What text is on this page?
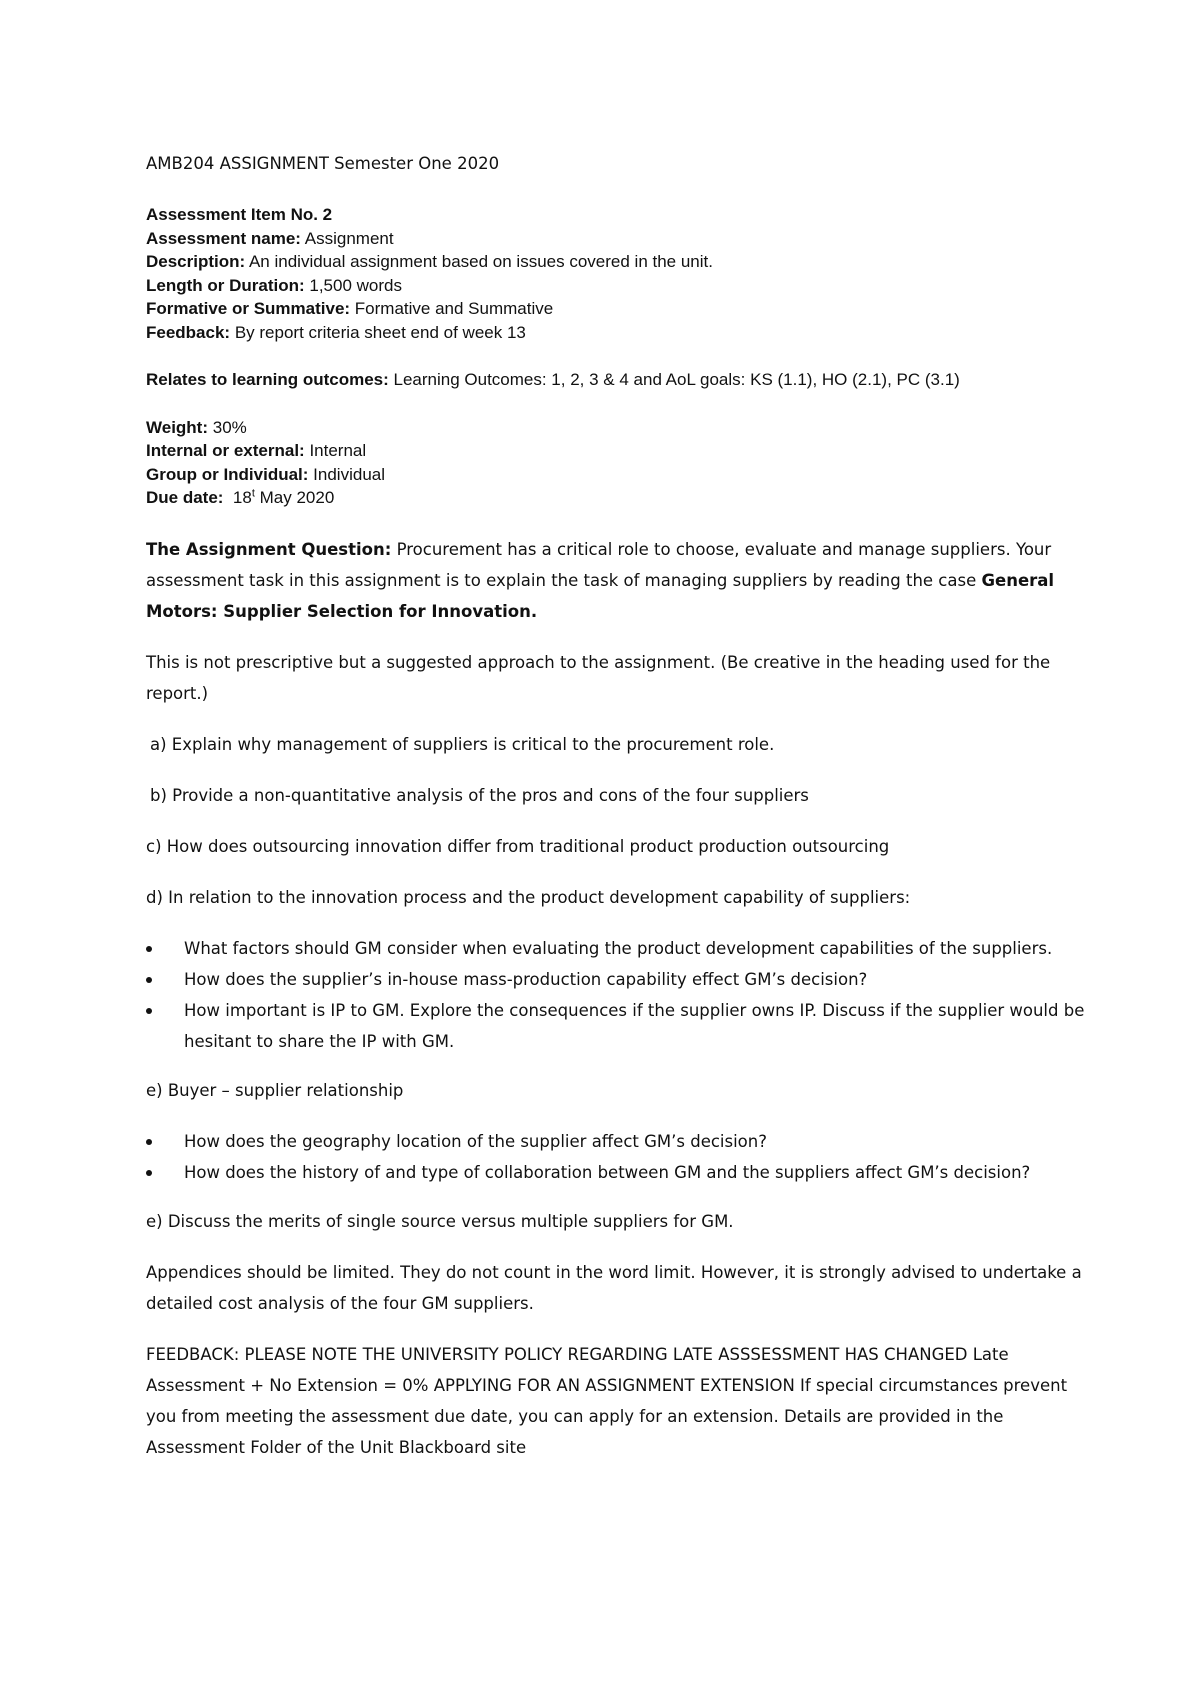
AMB204 ASSIGNMENT Semester One 2020
Assessment Item No. 2
Assessment name: Assignment
Description: An individual assignment based on issues covered in the unit.
Length or Duration: 1,500 words
Formative or Summative: Formative and Summative
Feedback: By report criteria sheet end of week 13
Relates to learning outcomes: Learning Outcomes: 1, 2, 3 & 4 and AoL goals: KS (1.1), HO (2.1), PC (3.1)
Weight: 30%
Internal or external: Internal
Group or Individual: Individual
Due date:  18$^t$ May 2020

The Assignment Question: Procurement has a critical role to choose, evaluate and manage suppliers. Your assessment task in this assignment is to explain the task of managing suppliers by reading the case General Motors: Supplier Selection for Innovation.

This is not prescriptive but a suggested approach to the assignment. (Be creative in the heading used for the report.)

a) Explain why management of suppliers is critical to the procurement role.

b) Provide a non-quantitative analysis of the pros and cons of the four suppliers

c) How does outsourcing innovation differ from traditional product production outsourcing

d) In relation to the innovation process and the product development capability of suppliers:

What factors should GM consider when evaluating the product development capabilities of the suppliers.
How does the supplier’s in-house mass-production capability effect GM’s decision?
How important is IP to GM. Explore the consequences if the supplier owns IP. Discuss if the supplier would be hesitant to share the IP with GM.

e) Buyer – supplier relationship

How does the geography location of the supplier affect GM’s decision?
How does the history of and type of collaboration between GM and the suppliers affect GM’s decision?

e) Discuss the merits of single source versus multiple suppliers for GM.

Appendices should be limited. They do not count in the word limit. However, it is strongly advised to undertake a detailed cost analysis of the four GM suppliers.

FEEDBACK: PLEASE NOTE THE UNIVERSITY POLICY REGARDING LATE ASSSESSMENT HAS CHANGED Late Assessment + No Extension = 0% APPLYING FOR AN ASSIGNMENT EXTENSION If special circumstances prevent you from meeting the assessment due date, you can apply for an extension. Details are provided in the Assessment Folder of the Unit Blackboard site
